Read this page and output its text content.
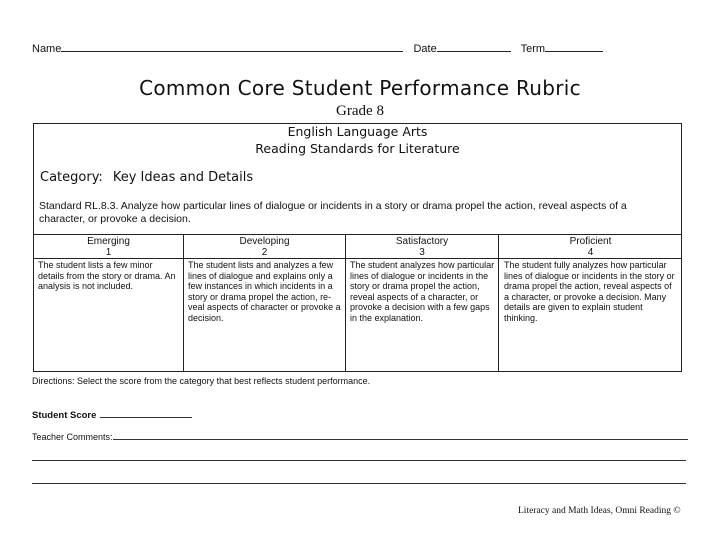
Name	Date	Term
Common Core Student Performance Rubric
Grade 8
English Language Arts
Reading Standards for Literature
Category: Key Ideas and Details
Standard RL.8.3. Analyze how particular lines of dialogue or incidents in a story or drama propel the action, reveal aspects of a character, or provoke a decision.
Emerging
1
Developing
2
Satisfactory
3
Proficient
4
The student lists a few minor details from the story or drama. An analysis is not included.
The student lists and analyzes a few lines of dialogue and explains only a few instances in which incidents in a story or drama propel the action, re-veal aspects of character or provoke a decision.
The student analyzes how particular lines of dialogue or incidents in the story or drama propel the action, reveal aspects of a character, or provoke a decision with a few gaps in the explanation.
The student fully analyzes how particular lines of dialogue or incidents in the story or drama propel the action, reveal aspects of a character, or provoke a decision. Many details are given to explain student thinking.
Directions: Select the score from the category that best reflects student performance.
Student Score
Teacher Comments:
Literacy and Math Ideas, Omni Reading ©
